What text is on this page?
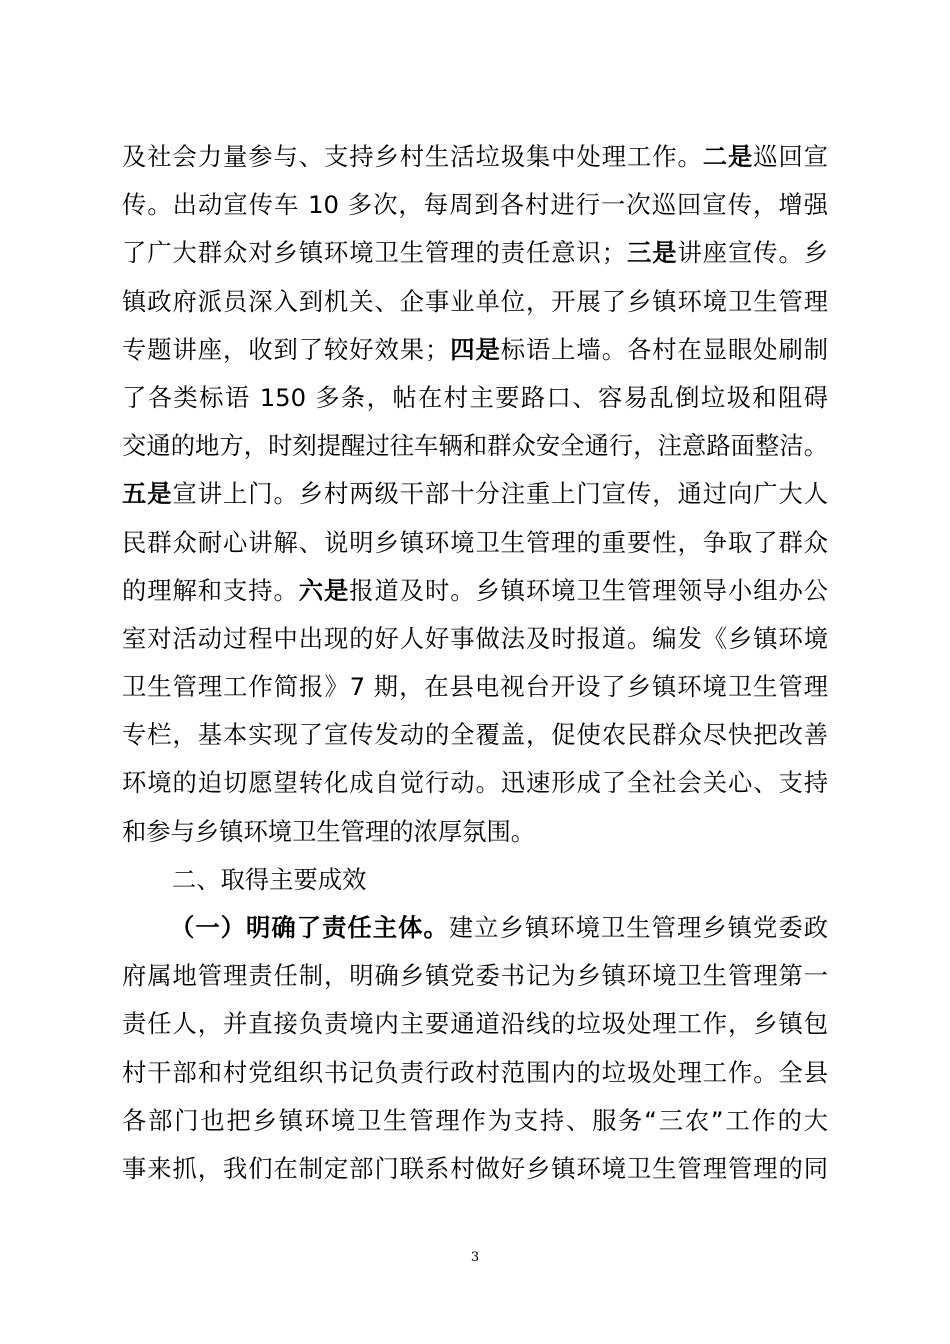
及社会力量参与、支持乡村生活垃圾集中处理工作。二是巡回宣
传。出动宣传车 10 多次，每周到各村进行一次巡回宣传，增强
了广大群众对乡镇环境卫生管理的责任意识；三是讲座宣传。乡
镇政府派员深入到机关、企事业单位，开展了乡镇环境卫生管理
专题讲座，收到了较好效果；四是标语上墙。各村在显眼处刷制
了各类标语 150 多条，帖在村主要路口、容易乱倒垃圾和阻碍
交通的地方，时刻提醒过往车辆和群众安全通行，注意路面整洁。
五是宣讲上门。乡村两级干部十分注重上门宣传，通过向广大人
民群众耐心讲解、说明乡镇环境卫生管理的重要性，争取了群众
的理解和支持。六是报道及时。乡镇环境卫生管理领导小组办公
室对活动过程中出现的好人好事做法及时报道。编发《乡镇环境
卫生管理工作简报》7 期，在县电视台开设了乡镇环境卫生管理
专栏，基本实现了宣传发动的全覆盖，促使农民群众尽快把改善
环境的迫切愿望转化成自觉行动。迅速形成了全社会关心、支持
和参与乡镇环境卫生管理的浓厚氛围。
二、取得主要成效
（一）明确了责任主体。建立乡镇环境卫生管理乡镇党委政
府属地管理责任制，明确乡镇党委书记为乡镇环境卫生管理第一
责任人，并直接负责境内主要通道沿线的垃圾处理工作，乡镇包
村干部和村党组织书记负责行政村范围内的垃圾处理工作。全县
各部门也把乡镇环境卫生管理作为支持、服务“三农”工作的大
事来抓，我们在制定部门联系村做好乡镇环境卫生管理管理的同
3
